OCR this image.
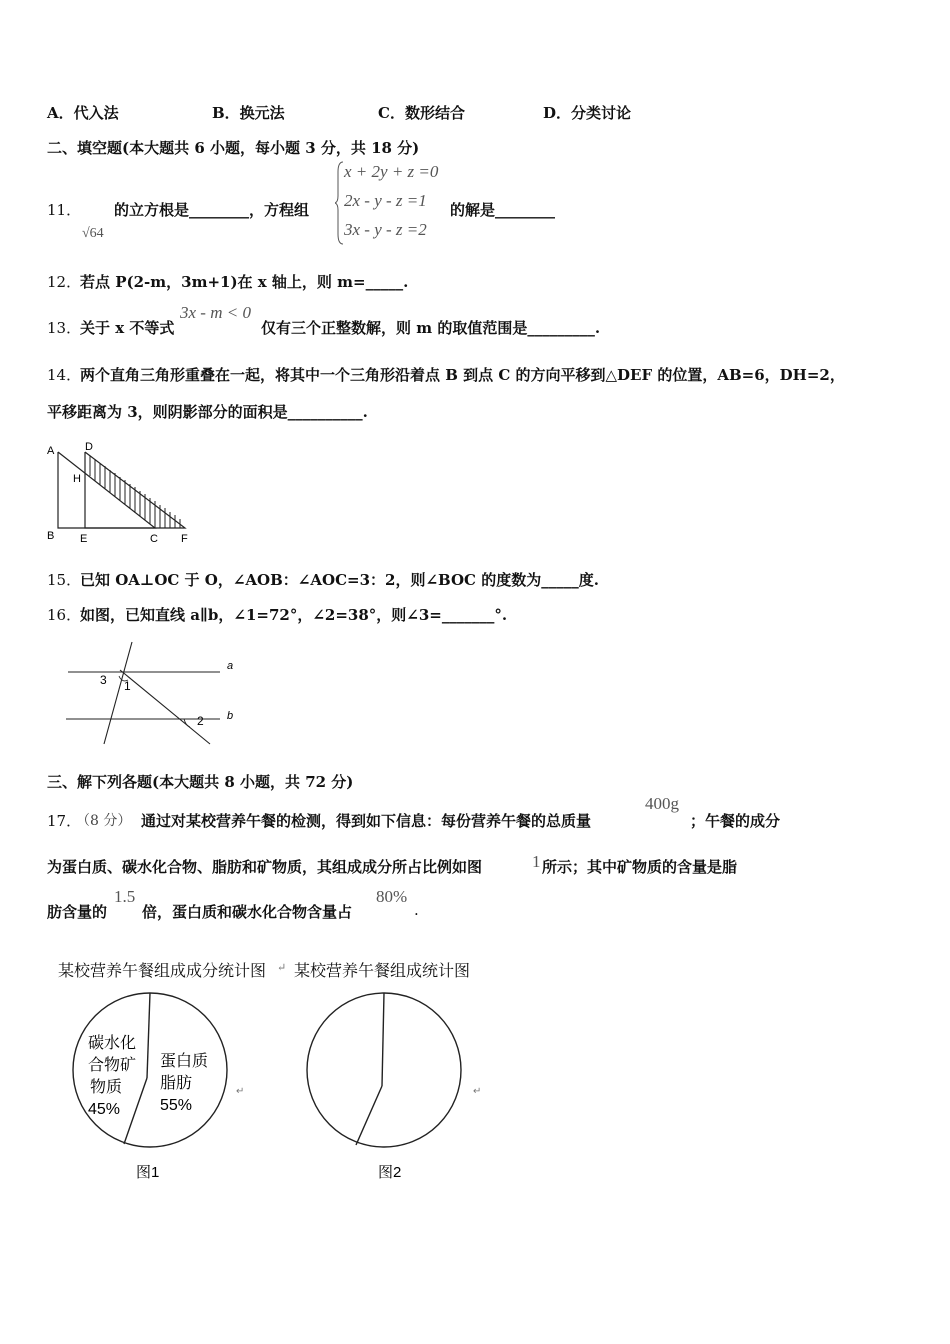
A．代入法	B．换元法	C．数形结合	D．分类讨论
二、填空题(本大题共 6 小题，每小题 3 分，共 18 分)
11．
√64
的立方根是________，方程组
x + 2y + z =0
2x - y - z =1
3x - y - z =2
的解是________
12．
若点 P(2-m，3m+1)在 x 轴上，则 m=_____.
13．
关于 x 不等式
3x - m < 0
仅有三个正整数解，则 m 的取值范围是_________.
14．
两个直角三角形重叠在一起，将其中一个三角形沿着点 B 到点 C 的方向平移到△DEF 的位置，AB=6，DH=2，
平移距离为 3，则阴影部分的面积是__________.
A	D
H
B E	C F
15．
已知 OA⊥OC 于 O，∠AOB：∠AOC=3：2，则∠BOC 的度数为_____度.
16．
如图，已知直线 a∥b，∠1=72°，∠2=38°，则∠3=_______°.
a
b
1
2
3
三、解下列各题(本大题共 8 小题，共 72 分)
17．
（8 分） 通过对某校营养午餐的检测，得到如下信息：每份营养午餐的总质量
400g
；午餐的成分
为蛋白质、碳水化合物、脂肪和矿物质，其组成成分所占比例如图	1 所示；其中矿物质的含量是脂
肪含量的
1.5
倍，蛋白质和碳水化合物含量占
80%
.
某校营养午餐组成成分统计图 ↵ 某校营养午餐组成统计图
碳水化
合物矿
物质
45%
蛋白质
脂肪
55%
图1
↵
图2
↵
